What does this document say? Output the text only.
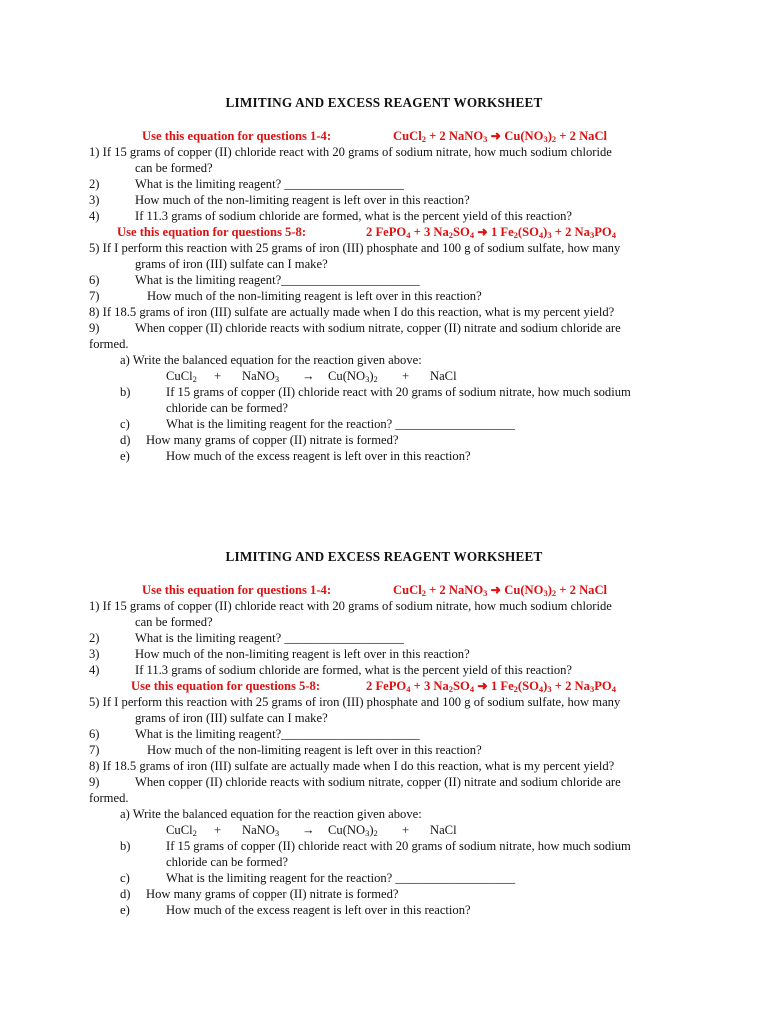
LIMITING AND EXCESS REAGENT WORKSHEET
Use this equation for questions 1-4:	CuCl$_2$ + 2 NaNO$_3$ ➜ $Cu(NO_3)_2 + 2$ NaCl
1) If 15 grams of copper (II) chloride react with 20 grams of sodium nitrate, how much sodium chloride
can be formed?
2)	What is the limiting reagent? ___________________
3)	How much of the non-limiting reagent is left over in this reaction?
4)	If 11.3 grams of sodium chloride are formed, what is the percent yield of this reaction?
Use this equation for questions 5-8:	2 FePO$_4$ + 3 $Na_2SO_4$ ➜ 1 $Fe_2(SO_4)_3 + 2$ $Na_3PO_4$
5) If I perform this reaction with 25 grams of iron (III) phosphate and 100 g of sodium sulfate, how many
grams of iron (III) sulfate can I make?
6)	What is the limiting reagent?______________________
7)	How much of the non-limiting reagent is left over in this reaction?
8) If 18.5 grams of iron (III) sulfate are actually made when I do this reaction, what is my percent yield?
9)	When copper (II) chloride reacts with sodium nitrate, copper (II) nitrate and sodium chloride are
formed.
a) Write the balanced equation for the reaction given above:
CuCl$_2$ + NaNO$_3$ → $Cu(NO_3)_2$ + NaCl
b)	If 15 grams of copper (II) chloride react with 20 grams of sodium nitrate, how much sodium
chloride can be formed?
c)	What is the limiting reagent for the reaction? ___________________
d) How many grams of copper (II) nitrate is formed?
e)	How much of the excess reagent is left over in this reaction?
LIMITING AND EXCESS REAGENT WORKSHEET
Use this equation for questions 1-4:	CuCl$_2$ + 2 NaNO$_3$ ➜ $Cu(NO_3)_2 + 2$ NaCl
1) If 15 grams of copper (II) chloride react with 20 grams of sodium nitrate, how much sodium chloride
can be formed?
2)	What is the limiting reagent? ___________________
3)	How much of the non-limiting reagent is left over in this reaction?
4)	If 11.3 grams of sodium chloride are formed, what is the percent yield of this reaction?
Use this equation for questions 5-8:	2 FePO$_4$ + 3 $Na_2SO_4$ ➜ 1 $Fe_2(SO_4)_3 + 2$ $Na_3PO_4$
5) If I perform this reaction with 25 grams of iron (III) phosphate and 100 g of sodium sulfate, how many
grams of iron (III) sulfate can I make?
6)	What is the limiting reagent?______________________
7)	How much of the non-limiting reagent is left over in this reaction?
8) If 18.5 grams of iron (III) sulfate are actually made when I do this reaction, what is my percent yield?
9)	When copper (II) chloride reacts with sodium nitrate, copper (II) nitrate and sodium chloride are
formed.
a) Write the balanced equation for the reaction given above:
CuCl$_2$ + NaNO$_3$ → $Cu(NO_3)_2$ + NaCl
b)	If 15 grams of copper (II) chloride react with 20 grams of sodium nitrate, how much sodium
chloride can be formed?
c)	What is the limiting reagent for the reaction? ___________________
d) How many grams of copper (II) nitrate is formed?
e)	How much of the excess reagent is left over in this reaction?
